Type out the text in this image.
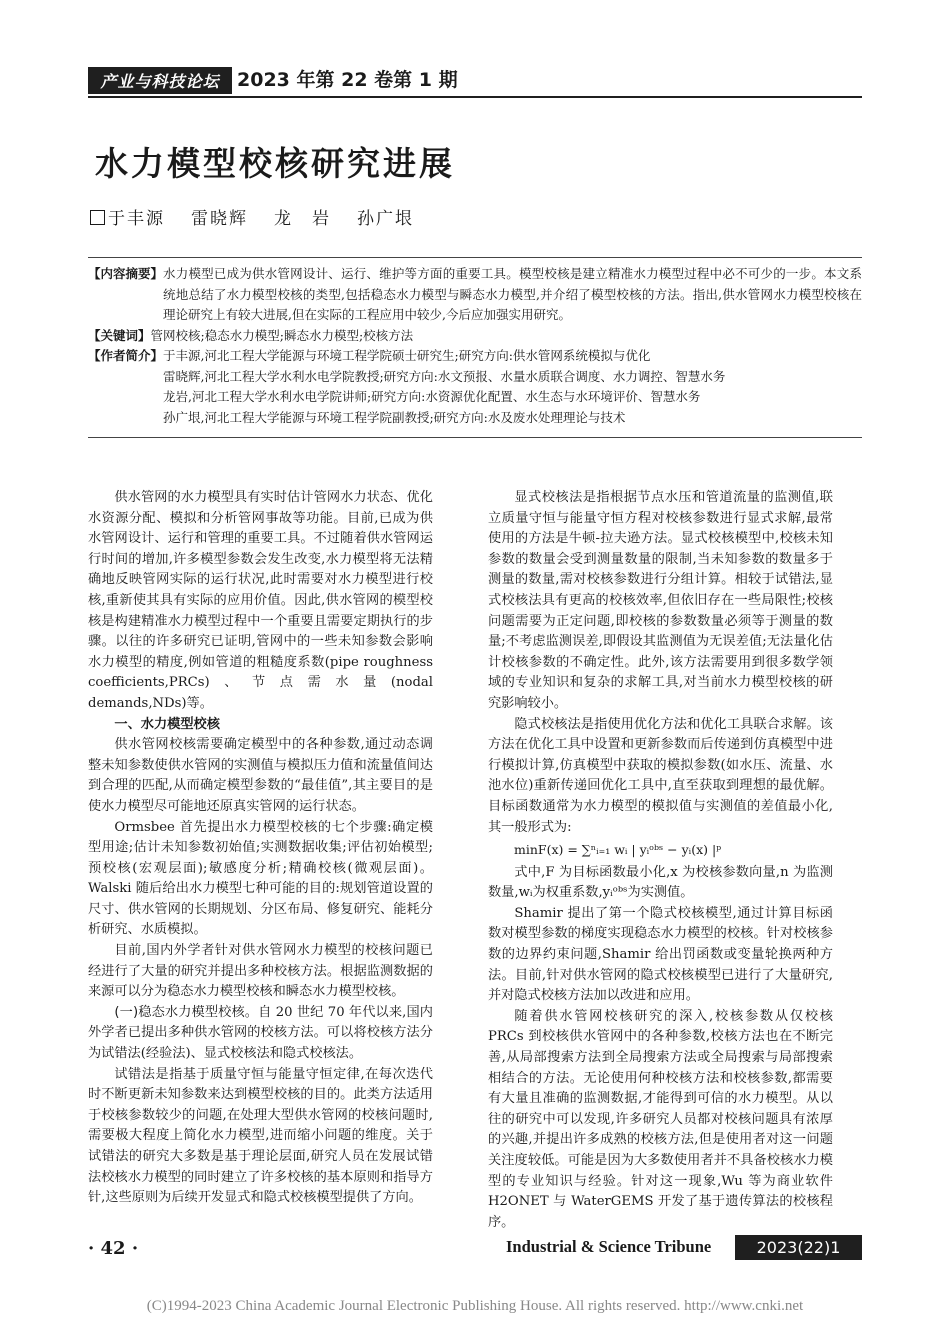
产业与科技论坛 2023 年第 22 卷第 1 期
水力模型校核研究进展
于丰源 雷晓辉 龙　岩 孙广垠
【内容摘要】 水力模型已成为供水管网设计、运行、维护等方面的重要工具。模型校核是建立精准水力模型过程中必不可少的一步。本文系统地总结了水力模型校核的类型,包括稳态水力模型与瞬态水力模型,并介绍了模型校核的方法。指出,供水管网水力模型校核在理论研究上有较大进展,但在实际的工程应用中较少,今后应加强实用研究。
【关键词】 管网校核;稳态水力模型;瞬态水力模型;校核方法
【作者简介】 于丰源,河北工程大学能源与环境工程学院硕士研究生;研究方向:供水管网系统模拟与优化
雷晓辉,河北工程大学水利水电学院教授;研究方向:水文预报、水量水质联合调度、水力调控、智慧水务
龙岩,河北工程大学水利水电学院讲师;研究方向:水资源优化配置、水生态与水环境评价、智慧水务
孙广垠,河北工程大学能源与环境工程学院副教授;研究方向:水及废水处理理论与技术

供水管网的水力模型具有实时估计管网水力状态、优化水资源分配、模拟和分析管网事故等功能。目前,已成为供水管网设计、运行和管理的重要工具。不过随着供水管网运行时间的增加,许多模型参数会发生改变,水力模型将无法精确地反映管网实际的运行状况,此时需要对水力模型进行校核,重新使其具有实际的应用价值。因此,供水管网的模型校核是构建精准水力模型过程中一个重要且需要定期执行的步骤。以往的许多研究已证明,管网中的一些未知参数会影响水力模型的精度,例如管道的粗糙度系数(pipe roughness coefficients,PRCs)、节点需水量(nodal demands,NDs)等。

一、水力模型校核

供水管网校核需要确定模型中的各种参数,通过动态调整未知参数使供水管网的实测值与模拟压力值和流量值间达到合理的匹配,从而确定模型参数的“最佳值”,其主要目的是使水力模型尽可能地还原真实管网的运行状态。

Ormsbee 首先提出水力模型校核的七个步骤:确定模型用途;估计未知参数初始值;实测数据收集;评估初始模型;预校核(宏观层面);敏感度分析;精确校核(微观层面)。Walski 随后给出水力模型七种可能的目的:规划管道设置的尺寸、供水管网的长期规划、分区布局、修复研究、能耗分析研究、水质模拟。

目前,国内外学者针对供水管网水力模型的校核问题已经进行了大量的研究并提出多种校核方法。根据监测数据的来源可以分为稳态水力模型校核和瞬态水力模型校核。

(一)稳态水力模型校核。自 20 世纪 70 年代以来,国内外学者已提出多种供水管网的校核方法。可以将校核方法分为试错法(经验法)、显式校核法和隐式校核法。

试错法是指基于质量守恒与能量守恒定律,在每次迭代时不断更新未知参数来达到模型校核的目的。此类方法适用于校核参数较少的问题,在处理大型供水管网的校核问题时,需要极大程度上简化水力模型,进而缩小问题的维度。关于试错法的研究大多数是基于理论层面,研究人员在发展试错法校核水力模型的同时建立了许多校核的基本原则和指导方针,这些原则为后续开发显式和隐式校核模型提供了方向。

显式校核法是指根据节点水压和管道流量的监测值,联立质量守恒与能量守恒方程对校核参数进行显式求解,最常使用的方法是牛顿-拉夫逊方法。显式校核模型中,校核未知参数的数量会受到测量数量的限制,当未知参数的数量多于测量的数量,需对校核参数进行分组计算。相较于试错法,显式校核法具有更高的校核效率,但依旧存在一些局限性;校核问题需要为正定问题,即校核的参数数量必须等于测量的数量;不考虑监测误差,即假设其监测值为无误差值;无法量化估计校核参数的不确定性。此外,该方法需要用到很多数学领域的专业知识和复杂的求解工具,对当前水力模型校核的研究影响较小。

隐式校核法是指使用优化方法和优化工具联合求解。该方法在优化工具中设置和更新参数而后传递到仿真模型中进行模拟计算,仿真模型中获取的模拟参数(如水压、流量、水池水位)重新传递回优化工具中,直至获取到理想的最优解。目标函数通常为水力模型的模拟值与实测值的差值最小化,其一般形式为:

minF(x) = ∑ⁿᵢ₌₁ wᵢ | yᵢᵒᵇˢ − yᵢ(x) |ᵖ

式中,F 为目标函数最小化,x 为校核参数向量,n 为监测数量,wᵢ为权重系数,yᵢᵒᵇˢ为实测值。

Shamir 提出了第一个隐式校核模型,通过计算目标函数对模型参数的梯度实现稳态水力模型的校核。针对校核参数的边界约束问题,Shamir 给出罚函数或变量轮换两种方法。目前,针对供水管网的隐式校核模型已进行了大量研究,并对隐式校核方法加以改进和应用。

随着供水管网校核研究的深入,校核参数从仅校核 PRCs 到校核供水管网中的各种参数,校核方法也在不断完善,从局部搜索方法到全局搜索方法或全局搜索与局部搜索相结合的方法。无论使用何种校核方法和校核参数,都需要有大量且准确的监测数据,才能得到可信的水力模型。从以往的研究中可以发现,许多研究人员都对校核问题具有浓厚的兴趣,并提出许多成熟的校核方法,但是使用者对这一问题关注度较低。可能是因为大多数使用者并不具备校核水力模型的专业知识与经验。针对这一现象,Wu 等为商业软件 H2ONET 与 WaterGEMS 开发了基于遗传算法的校核程序。

· 42 ·	Industrial & Science Tribune	2023(22)1
(C)1994-2023 China Academic Journal Electronic Publishing House. All rights reserved. http://www.cnki.net
